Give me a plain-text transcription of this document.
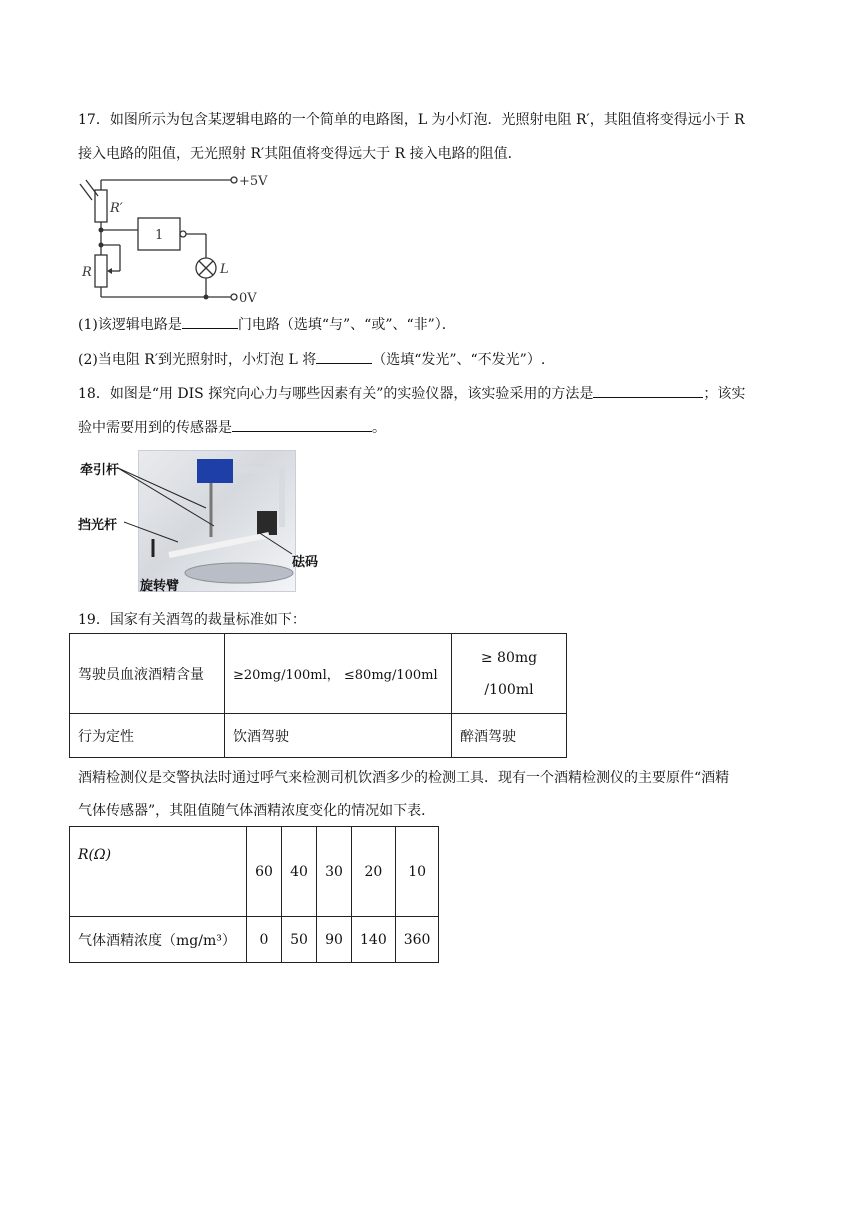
17．如图所示为包含某逻辑电路的一个简单的电路图，L 为小灯泡．光照射电阻 R′，其阻值将变得远小于 R
接入电路的阻值，无光照射 R′其阻值将变得远大于 R 接入电路的阻值．
+5V
0V
R′
R
1
L
(1)该逻辑电路是	门电路（选填“与”、“或”、“非”）．
(2)当电阻 R′到光照射时，小灯泡 L 将	（选填“发光”、“不发光”）.
18．如图是“用 DIS 探究向心力与哪些因素有关”的实验仪器，该实验采用的方法是	；该实
验中需要用到的传感器是	。
牵引杆
挡光杆
旋转臂
砝码
19．国家有关酒驾的裁量标准如下：
驾驶员血液酒精含量	≥20mg/100ml， ≤80mg/100ml	≥ 80mg
/100ml

行为定性	饮酒驾驶	醉酒驾驶
酒精检测仪是交警执法时通过呼气来检测司机饮酒多少的检测工具．现有一个酒精检测仪的主要原件“酒精
气体传感器”，其阻值随气体酒精浓度变化的情况如下表．
R(Ω)	60	40	30	20	10
气体酒精浓度（mg/m³）	0	50	90	140	360
